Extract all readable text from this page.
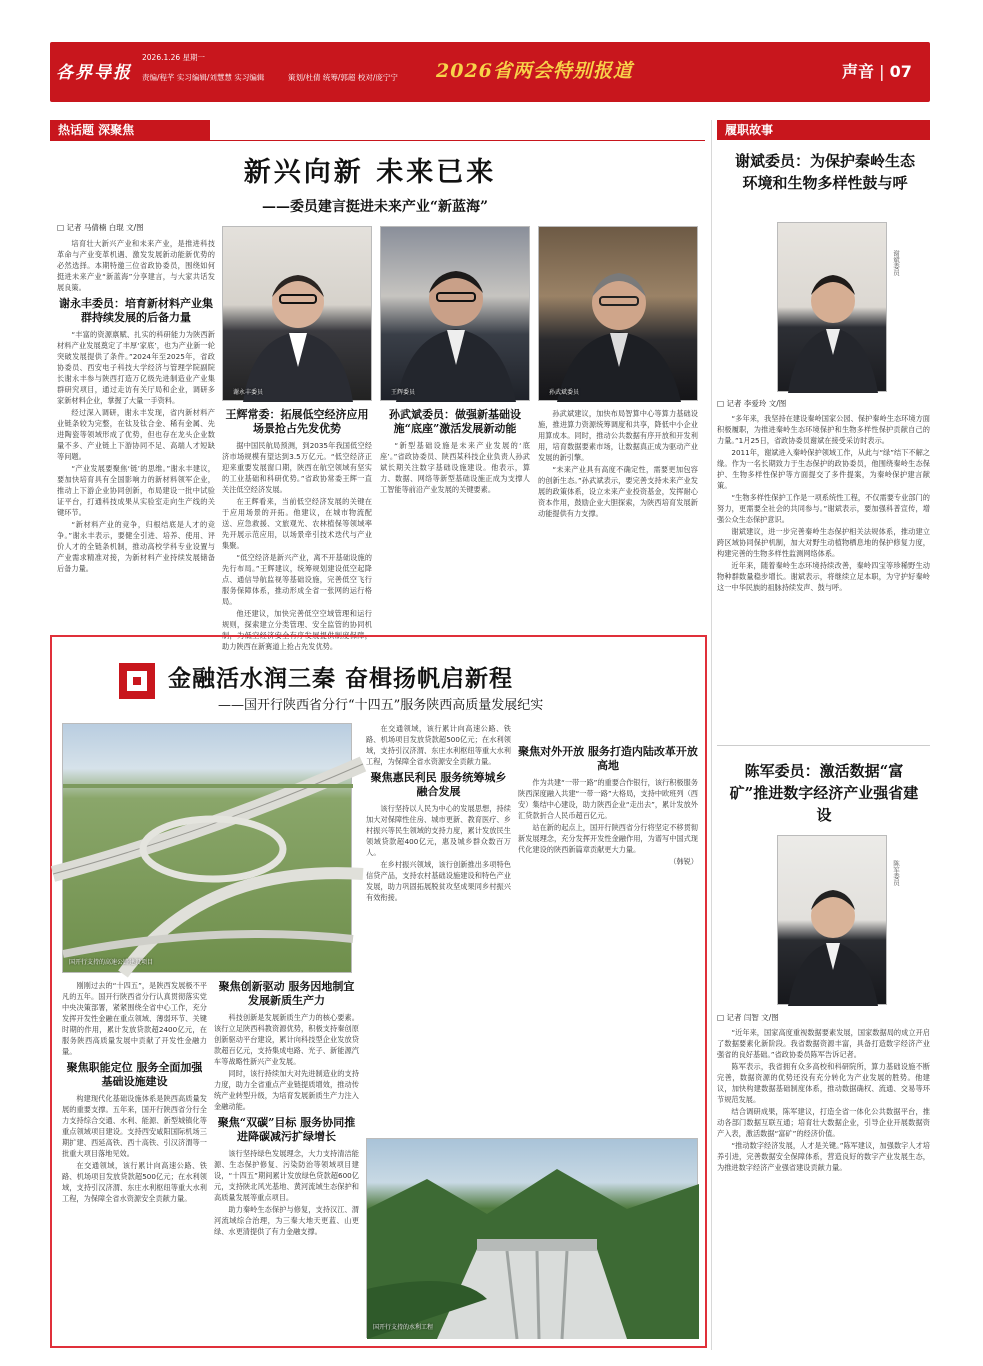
各界导报
2026.1.26 星期一
责编/程芊 实习编辑/刘慧慧 实习编辑	策划/杜倩 统筹/郭超 校对/庞宁宁 2026省两会特别报道	声音 | 07
热话题 深聚焦
新兴向新 未来已来
——委员建言挺进未来产业“新蓝海”
□ 记者 马倩楠 白琨 文/图

培育壮大新兴产业和未来产业，是推进科技革命与产业变革机遇、激发发展新动能新优势的必然选择。本期特邀三位省政协委员，围绕如何挺进未来产业“新蓝海”分享建言，与大家共话发展良策。

谢永丰委员：培育新材料产业集群持续发展的后备力量

“丰富的资源禀赋、扎实的科研能力为陕西新材料产业发展奠定了丰厚‘家底’，也为产业新一轮突破发展提供了条件。”2024年至2025年，省政协委员、西安电子科技大学经济与管理学院副院长谢永丰参与陕西打造万亿级先进制造业产业集群研究项目，通过走访有关厅局和企业，调研多家新材料企业，掌握了大量一手资料。

经过深入调研，谢永丰发现，省内新材料产业链条较为完整，在钛及钛合金、稀有金属、先进陶瓷等领域形成了优势，但也存在龙头企业数量不多、产业链上下游协同不足、高端人才短缺等问题。

“产业发展要聚焦‘链’的思维。”谢永丰建议，要加快培育具有全国影响力的新材料领军企业，推动上下游企业协同创新，布局建设一批中试验证平台，打通科技成果从实验室走向生产线的关键环节。

“新材料产业的竞争，归根结底是人才的竞争。”谢永丰表示，要健全引进、培养、使用、评价人才的全链条机制，推动高校学科专业设置与产业需求精准对接，为新材料产业持续发展储备后备力量。

谢永丰委员	王辉委员	孙武斌委员
王辉常委：拓展低空经济应用场景抢占先发优势

据中国民航局预测，到2035年我国低空经济市场规模有望达到3.5万亿元。“低空经济正迎来重要发展窗口期，陕西在航空领域有坚实的工业基础和科研优势。”省政协常委王辉一直关注低空经济发展。

在王辉看来，当前低空经济发展的关键在于应用场景的开拓。他建议，在城市物流配送、应急救援、文旅观光、农林植保等领域率先开展示范应用，以场景牵引技术迭代与产业集聚。

“低空经济是新兴产业，离不开基础设施的先行布局。”王辉建议，统筹规划建设低空起降点、通信导航监视等基础设施，完善低空飞行服务保障体系，推动形成全省一张网的运行格局。

他还建议，加快完善低空空域管理和运行规则，探索建立分类管理、安全监管的协同机制，为低空经济安全有序发展提供制度保障，助力陕西在新赛道上抢占先发优势。

孙武斌委员：做强新基础设施“底座”激活发展新动能

“新型基础设施是未来产业发展的‘底座’。”省政协委员、陕西某科技企业负责人孙武斌长期关注数字基础设施建设。他表示，算力、数据、网络等新型基础设施正成为支撑人工智能等前沿产业发展的关键要素。

孙武斌建议，加快布局智算中心等算力基础设施，推进算力资源统筹调度和共享，降低中小企业用算成本。同时，推动公共数据有序开放和开发利用，培育数据要素市场，让数据真正成为驱动产业发展的新引擎。

“未来产业具有高度不确定性，需要更加包容的创新生态。”孙武斌表示，要完善支持未来产业发展的政策体系，设立未来产业投资基金，发挥耐心资本作用，鼓励企业大胆探索，为陕西培育发展新动能提供有力支撑。

金融活水润三秦 奋楫扬帆启新程
——国开行陕西省分行“十四五”服务陕西高质量发展纪实
国开行支持的高速公路建设项目

刚刚过去的“十四五”，是陕西发展极不平凡的五年。国开行陕西省分行认真贯彻落实党中央决策部署，紧紧围绕全省中心工作，充分发挥开发性金融在重点领域、薄弱环节、关键时期的作用，累计发放贷款超2400亿元，在服务陕西高质量发展中贡献了开发性金融力量。

聚焦职能定位 服务全面加强基础设施建设

构建现代化基础设施体系是陕西高质量发展的重要支撑。五年来，国开行陕西省分行全力支持综合交通、水利、能源、新型城镇化等重点领域项目建设。支持西安咸阳国际机场三期扩建、西延高铁、西十高铁、引汉济渭等一批重大项目落地见效。

在交通领域，该行累计向高速公路、铁路、机场项目发放贷款超500亿元；在水利领域，支持引汉济渭、东庄水利枢纽等重大水利工程，为保障全省水资源安全贡献力量。

聚焦创新驱动 服务因地制宜发展新质生产力

科技创新是发展新质生产力的核心要素。该行立足陕西科教资源优势，积极支持秦创原创新驱动平台建设，累计向科技型企业发放贷款超百亿元，支持集成电路、光子、新能源汽车等战略性新兴产业发展。

同时，该行持续加大对先进制造业的支持力度，助力全省重点产业链提质增效，推动传统产业转型升级，为培育发展新质生产力注入金融动能。

聚焦“双碳”目标 服务协同推进降碳减污扩绿增长

该行坚持绿色发展理念，大力支持清洁能源、生态保护修复、污染防治等领域项目建设，“十四五”期间累计发放绿色贷款超600亿元，支持陕北风光基地、黄河流域生态保护和高质量发展等重点项目。

助力秦岭生态保护与修复，支持汉江、渭河流域综合治理，为三秦大地天更蓝、山更绿、水更清提供了有力金融支撑。

在交通领域，该行累计向高速公路、铁路、机场项目发放贷款超500亿元；在水利领域，支持引汉济渭、东庄水利枢纽等重大水利工程，为保障全省水资源安全贡献力量。

聚焦惠民利民 服务统筹城乡融合发展

该行坚持以人民为中心的发展思想，持续加大对保障性住房、城市更新、教育医疗、乡村振兴等民生领域的支持力度，累计发放民生领域贷款超400亿元，惠及城乡群众数百万人。

在乡村振兴领域，该行创新推出多项特色信贷产品，支持农村基础设施建设和特色产业发展，助力巩固拓展脱贫攻坚成果同乡村振兴有效衔接。

聚焦对外开放 服务打造内陆改革开放高地

作为共建“一带一路”的重要合作银行，该行积极服务陕西深度融入共建“一带一路”大格局，支持中欧班列（西安）集结中心建设，助力陕西企业“走出去”，累计发放外汇贷款折合人民币超百亿元。

站在新的起点上，国开行陕西省分行将坚定不移贯彻新发展理念，充分发挥开发性金融作用，为谱写中国式现代化建设的陕西新篇章贡献更大力量。

（韩锐）

国开行支持的水利工程
履职故事
谢斌委员：为保护秦岭生态环境和生物多样性鼓与呼
谢斌委员
□ 记者 李爱玲 文/图

“多年来，我坚持在建设秦岭国家公园、保护秦岭生态环境方面积极履职，为推进秦岭生态环境保护和生物多样性保护贡献自己的力量。”1月25日，省政协委员谢斌在接受采访时表示。

2011年，谢斌进入秦岭保护领域工作，从此与“绿”结下不解之缘。作为一名长期致力于生态保护的政协委员，他围绕秦岭生态保护、生物多样性保护等方面提交了多件提案，为秦岭保护建言献策。

“生物多样性保护工作是一项系统性工程，不仅需要专业部门的努力，更需要全社会的共同参与。”谢斌表示，要加强科普宣传，增强公众生态保护意识。

谢斌建议，进一步完善秦岭生态保护相关法规体系，推动建立跨区域协同保护机制，加大对野生动植物栖息地的保护修复力度，构建完善的生物多样性监测网络体系。

近年来，随着秦岭生态环境持续改善，秦岭四宝等珍稀野生动物种群数量稳步增长。谢斌表示，将继续立足本职，为守护好秦岭这一中华民族的祖脉持续发声、鼓与呼。

陈军委员：激活数据“富矿”推进数字经济产业强省建设
陈军委员
□ 记者 闫智 文/图

“近年来，国家高度重视数据要素发展，国家数据局的成立开启了数据要素化新阶段。我省数据资源丰富，具备打造数字经济产业强省的良好基础。”省政协委员陈军告诉记者。

陈军表示，我省拥有众多高校和科研院所，算力基础设施不断完善，数据资源的优势还没有充分转化为产业发展的胜势。他建议，加快构建数据基础制度体系，推动数据确权、流通、交易等环节规范发展。

结合调研成果，陈军建议，打造全省一体化公共数据平台，推动各部门数据互联互通；培育壮大数据企业，引导企业开展数据资产入表，激活数据“富矿”的经济价值。

“推动数字经济发展，人才是关键。”陈军建议，加强数字人才培养引进，完善数据安全保障体系，营造良好的数字产业发展生态，为推进数字经济产业强省建设贡献力量。
